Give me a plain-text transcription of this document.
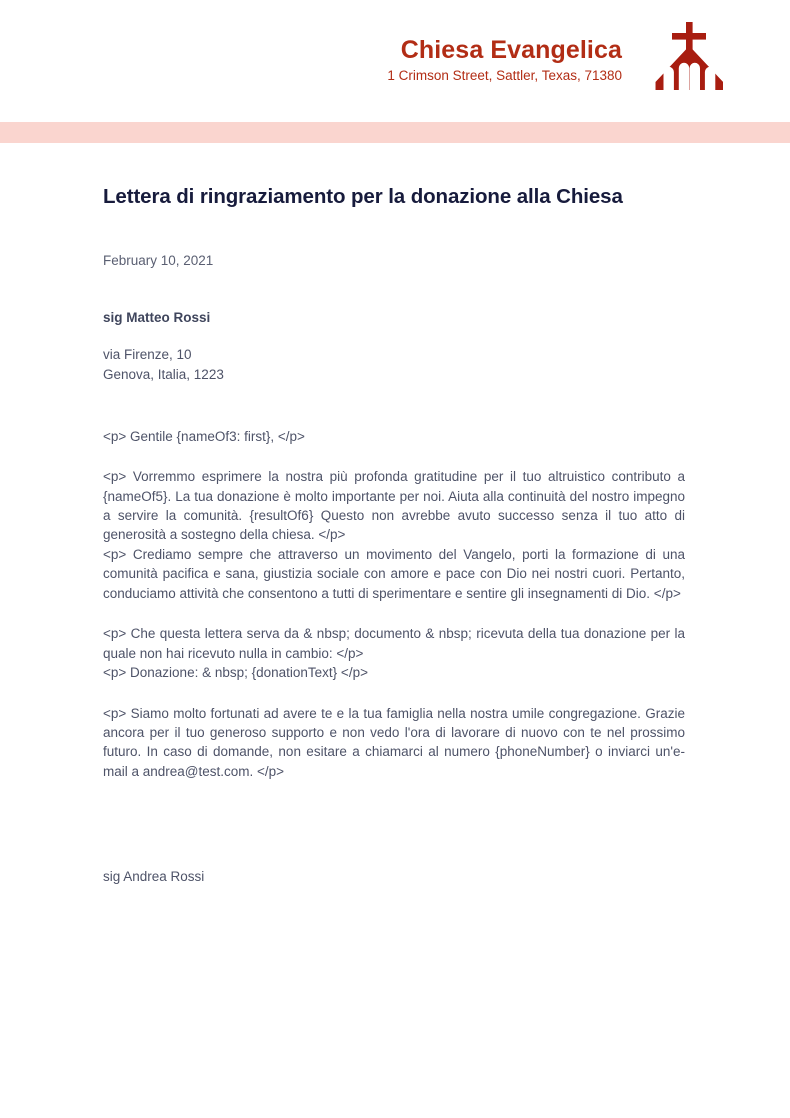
Chiesa Evangelica
1 Crimson Street, Sattler, Texas, 71380
Lettera di ringraziamento per la donazione alla Chiesa
February 10, 2021
sig Matteo Rossi
via Firenze, 10
Genova, Italia, 1223

<p> Gentile {nameOf3: first}, </p>

<p> Vorremmo esprimere la nostra più profonda gratitudine per il tuo altruistico contributo a {nameOf5}. La tua donazione è molto importante per noi. Aiuta alla continuità del nostro impegno a servire la comunità. {resultOf6} Questo non avrebbe avuto successo senza il tuo atto di generosità a sostegno della chiesa. </p>

<p> Crediamo sempre che attraverso un movimento del Vangelo, porti la formazione di una comunità pacifica e sana, giustizia sociale con amore e pace con Dio nei nostri cuori. Pertanto, conduciamo attività che consentono a tutti di sperimentare e sentire gli insegnamenti di Dio. </p>

<p> Che questa lettera serva da & nbsp; documento & nbsp; ricevuta della tua donazione per la quale non hai ricevuto nulla in cambio: </p>

<p> Donazione: & nbsp; {donationText} </p>

<p> Siamo molto fortunati ad avere te e la tua famiglia nella nostra umile congregazione. Grazie ancora per il tuo generoso supporto e non vedo l'ora di lavorare di nuovo con te nel prossimo futuro. In caso di domande, non esitare a chiamarci al numero {phoneNumber} o inviarci un'e-mail a andrea@test.com. </p>

sig Andrea Rossi
